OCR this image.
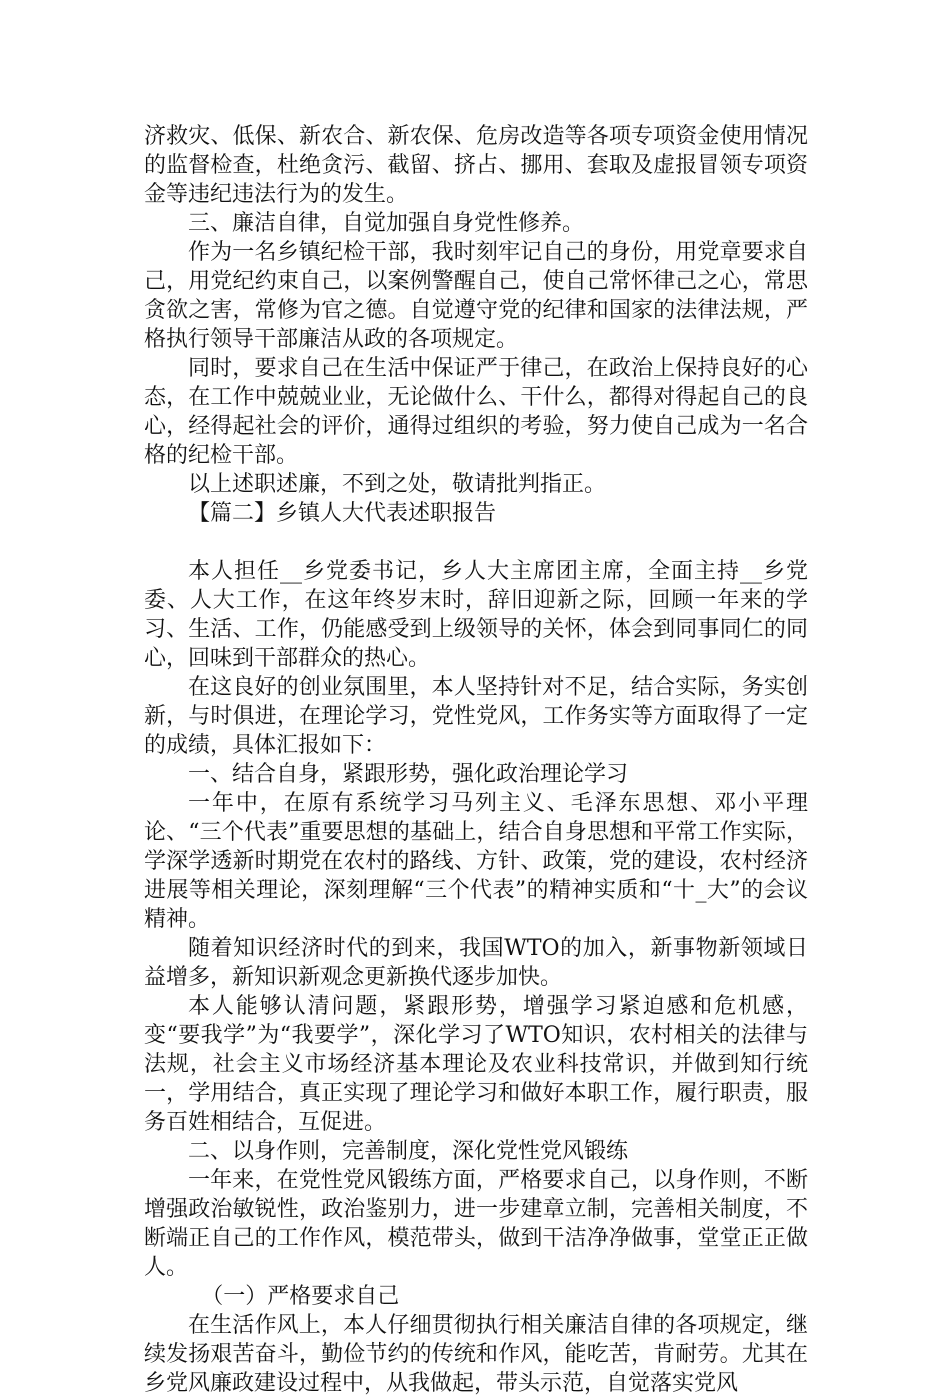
济救灾、低保、新农合、新农保、危房改造等各项专项资金使用情况的监督检查，杜绝贪污、截留、挤占、挪用、套取及虚报冒领专项资金等违纪违法行为的发生。

三、廉洁自律，自觉加强自身党性修养。

作为一名乡镇纪检干部，我时刻牢记自己的身份，用党章要求自己，用党纪约束自己，以案例警醒自己，使自己常怀律己之心，常思贪欲之害，常修为官之德。自觉遵守党的纪律和国家的法律法规，严格执行领导干部廉洁从政的各项规定。

同时，要求自己在生活中保证严于律己，在政治上保持良好的心态，在工作中兢兢业业，无论做什么、干什么，都得对得起自己的良心，经得起社会的评价，通得过组织的考验，努力使自己成为一名合格的纪检干部。

以上述职述廉，不到之处，敬请批判指正。

【篇二】乡镇人大代表述职报告

本人担任__乡党委书记，乡人大主席团主席，全面主持__乡党委、人大工作，在这年终岁末时，辞旧迎新之际，回顾一年来的学习、生活、工作，仍能感受到上级领导的关怀，体会到同事同仁的同心，回味到干部群众的热心。

在这良好的创业氛围里，本人坚持针对不足，结合实际，务实创新，与时俱进，在理论学习，党性党风，工作务实等方面取得了一定的成绩，具体汇报如下：

一、结合自身，紧跟形势，强化政治理论学习

一年中，在原有系统学习马列主义、毛泽东思想、邓小平理论、“三个代表”重要思想的基础上，结合自身思想和平常工作实际，学深学透新时期党在农村的路线、方针、政策，党的建设，农村经济进展等相关理论，深刻理解“三个代表”的精神实质和“十_大”的会议精神。

随着知识经济时代的到来，我国WTO的加入，新事物新领域日益增多，新知识新观念更新换代逐步加快。

本人能够认清问题，紧跟形势，增强学习紧迫感和危机感，变“要我学”为“我要学”，深化学习了WTO知识，农村相关的法律与法规，社会主义市场经济基本理论及农业科技常识，并做到知行统一，学用结合，真正实现了理论学习和做好本职工作，履行职责，服务百姓相结合，互促进。

二、以身作则，完善制度，深化党性党风锻练

一年来，在党性党风锻练方面，严格要求自己，以身作则，不断增强政治敏锐性，政治鉴别力，进一步建章立制，完善相关制度，不断端正自己的工作作风，模范带头，做到干洁净净做事，堂堂正正做人。

（一）严格要求自己

在生活作风上，本人仔细贯彻执行相关廉洁自律的各项规定，继续发扬艰苦奋斗，勤俭节约的传统和作风，能吃苦，肯耐劳。尤其在乡党风廉政建设过程中，从我做起，带头示范，自觉落实党风
